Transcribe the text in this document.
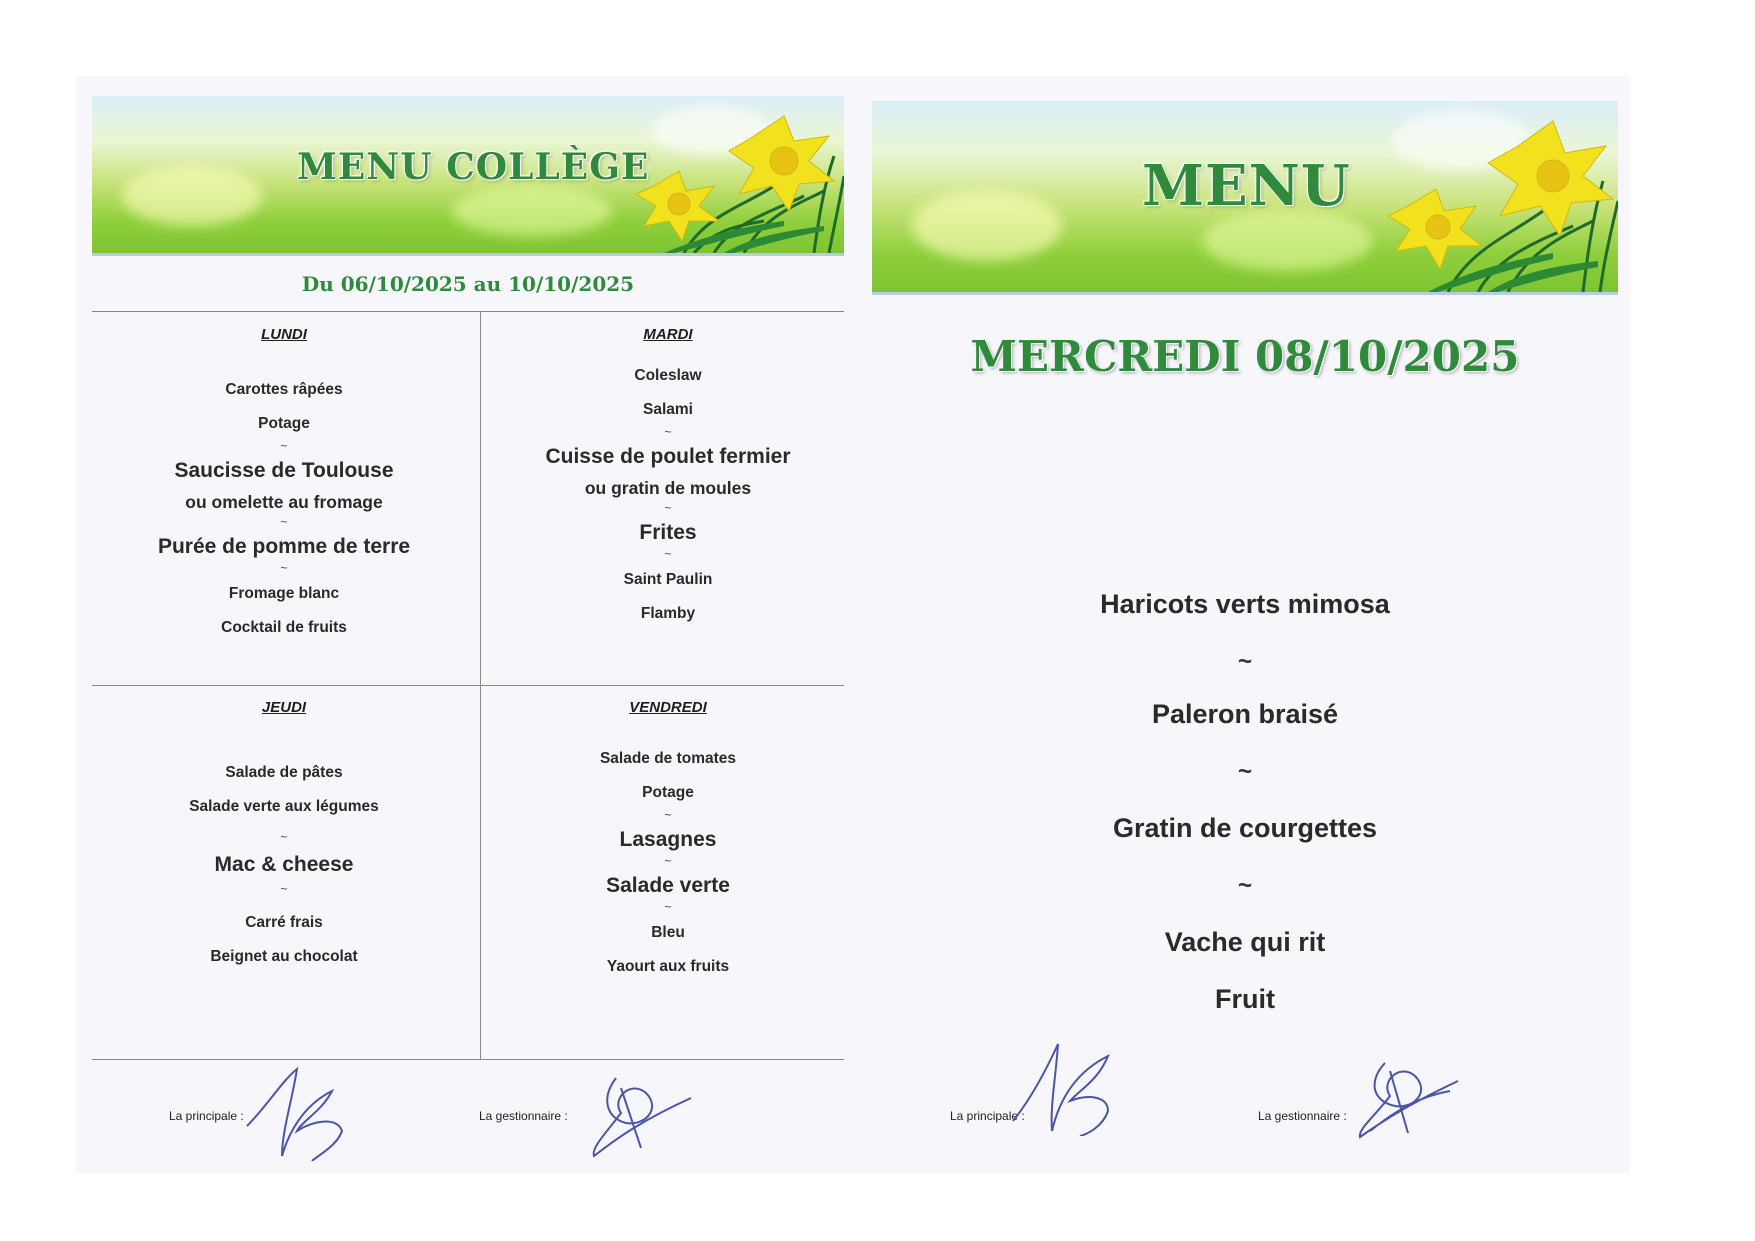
MENU COLLÈGE
Du 06/10/2025 au 10/10/2025
LUNDI
Carottes râpées
Potage
~
Saucisse de Toulouse
ou omelette au fromage
~
Purée de pomme de terre
~
Fromage blanc
Cocktail de fruits
MARDI
Coleslaw
Salami
~
Cuisse de poulet fermier
ou gratin de moules
~
Frites
~
Saint Paulin
Flamby
JEUDI
Salade de pâtes
Salade verte aux légumes
~
Mac & cheese
~
Carré frais
Beignet au chocolat
VENDREDI
Salade de tomates
Potage
~
Lasagnes
~
Salade verte
~
Bleu
Yaourt aux fruits
La principale :	La gestionnaire :
MENU
MERCREDI 08/10/2025
Haricots verts mimosa
~
Paleron braisé
~
Gratin de courgettes
~
Vache qui rit
Fruit
La principale :	La gestionnaire :
